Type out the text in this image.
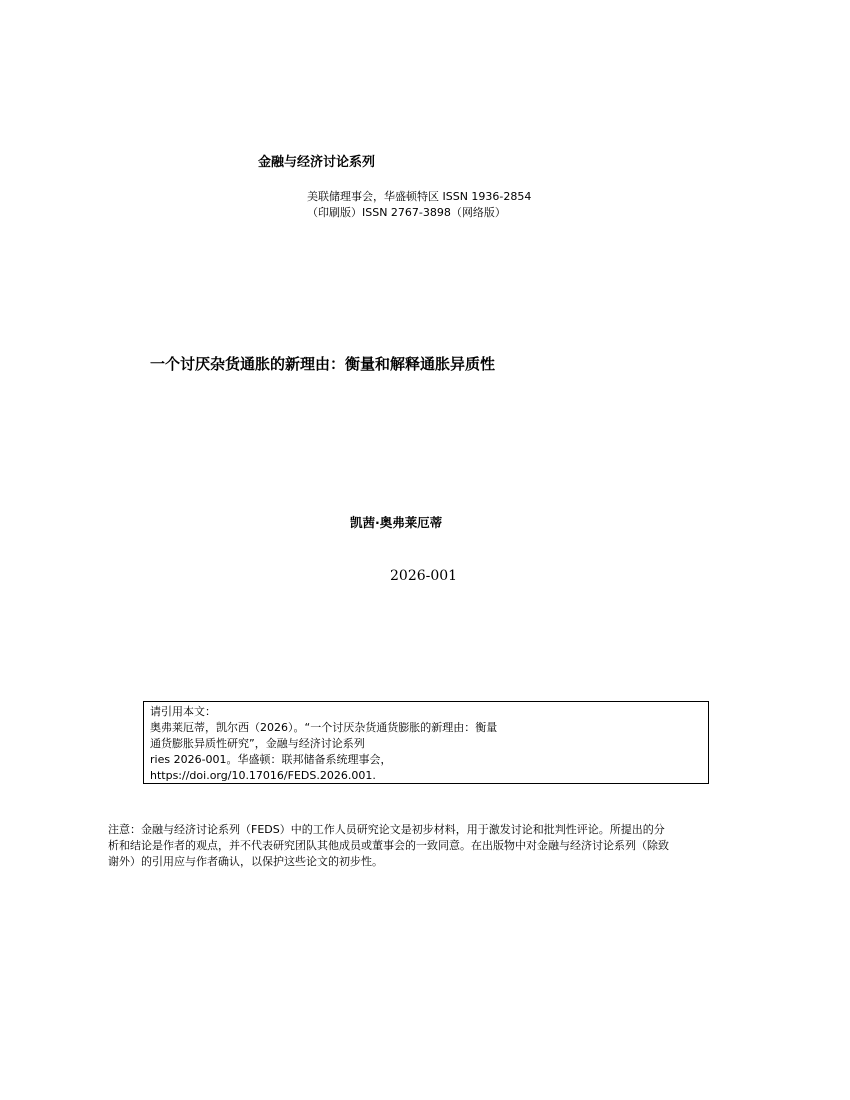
金融与经济讨论系列
美联储理事会，华盛顿特区 ISSN 1936-2854
（印刷版）ISSN 2767-3898（网络版）
一个讨厌杂货通胀的新理由：衡量和解释通胀异质性
凯茜·奥弗莱厄蒂
2026-001
请引用本文：
奥弗莱厄蒂，凯尔西（2026）。“一个讨厌杂货通货膨胀的新理由：衡量
通货膨胀异质性研究”，金融与经济讨论系列
ries 2026-001。华盛顿：联邦储备系统理事会，
https://doi.org/10.17016/FEDS.2026.001.
注意：金融与经济讨论系列（FEDS）中的工作人员研究论文是初步材料，用于激发讨论和批判性评论。所提出的分
析和结论是作者的观点，并不代表研究团队其他成员或董事会的一致同意。在出版物中对金融与经济讨论系列（除致
谢外）的引用应与作者确认，以保护这些论文的初步性。
